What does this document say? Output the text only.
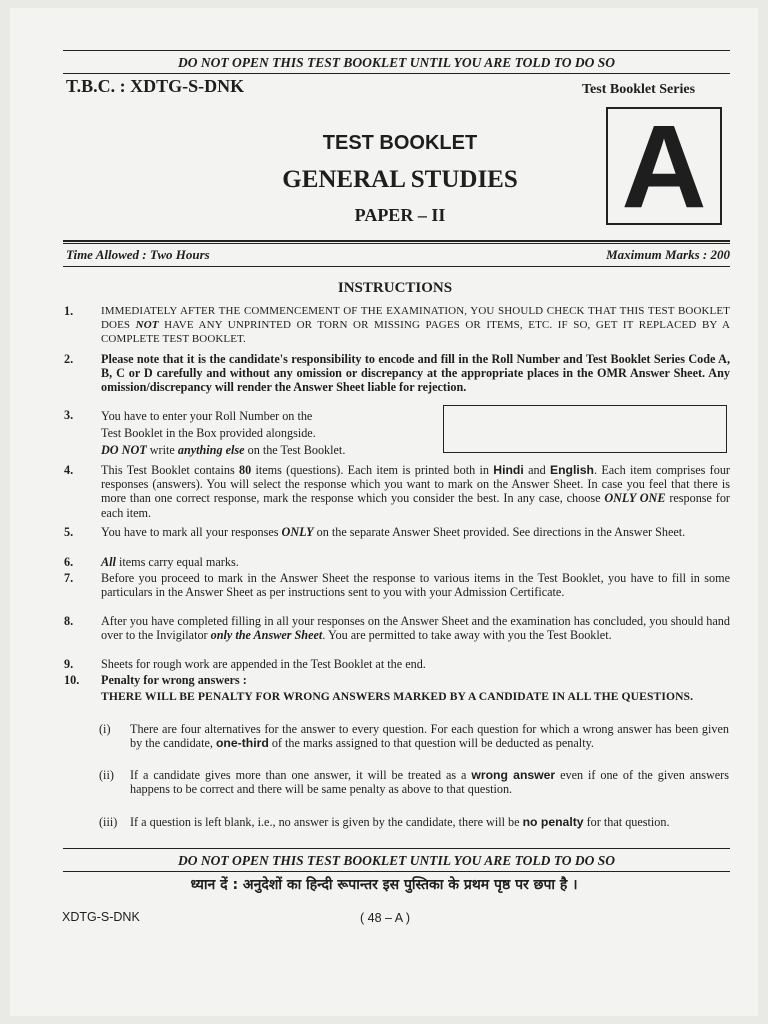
DO NOT OPEN THIS TEST BOOKLET UNTIL YOU ARE TOLD TO DO SO
T.B.C. : XDTG-S-DNK	Test Booklet Series
A
TEST BOOKLET
GENERAL STUDIES
PAPER – II
Time Allowed : Two Hours	Maximum Marks : 200
INSTRUCTIONS
1.	IMMEDIATELY AFTER THE COMMENCEMENT OF THE EXAMINATION, YOU SHOULD CHECK THAT THIS TEST BOOKLET DOES NOT HAVE ANY UNPRINTED OR TORN OR MISSING PAGES OR ITEMS, ETC. IF SO, GET IT REPLACED BY A COMPLETE TEST BOOKLET.
2. Please note that it is the candidate's responsibility to encode and fill in the Roll Number and Test Booklet Series Code A, B, C or D carefully and without any omission or discrepancy at the appropriate places in the OMR Answer Sheet. Any omission/discrepancy will render the Answer Sheet liable for rejection.
3. You have to enter your Roll Number on the
Test Booklet in the Box provided alongside.
DO NOT write anything else on the Test Booklet.
4. This Test Booklet contains 80 items (questions). Each item is printed both in Hindi and English. Each item comprises four responses (answers). You will select the response which you want to mark on the Answer Sheet. In case you feel that there is more than one correct response, mark the response which you consider the best. In any case, choose ONLY ONE response for each item.
5. You have to mark all your responses ONLY on the separate Answer Sheet provided. See directions in the Answer Sheet.
6. All items carry equal marks.
7. Before you proceed to mark in the Answer Sheet the response to various items in the Test Booklet, you have to fill in some particulars in the Answer Sheet as per instructions sent to you with your Admission Certificate.
8. After you have completed filling in all your responses on the Answer Sheet and the examination has concluded, you should hand over to the Invigilator only the Answer Sheet. You are permitted to take away with you the Test Booklet.
9. Sheets for rough work are appended in the Test Booklet at the end.
10. Penalty for wrong answers :
THERE WILL BE PENALTY FOR WRONG ANSWERS MARKED BY A CANDIDATE IN ALL THE QUESTIONS.
(i) There are four alternatives for the answer to every question. For each question for which a wrong answer has been given by the candidate, one-third of the marks assigned to that question will be deducted as penalty.
(ii) If a candidate gives more than one answer, it will be treated as a wrong answer even if one of the given answers happens to be correct and there will be same penalty as above to that question.
(iii) If a question is left blank, i.e., no answer is given by the candidate, there will be no penalty for that question.
DO NOT OPEN THIS TEST BOOKLET UNTIL YOU ARE TOLD TO DO SO
ध्यान दें : अनुदेशों का हिन्दी रूपान्तर इस पुस्तिका के प्रथम पृष्ठ पर छपा है ।
XDTG-S-DNK	( 48 – A )
